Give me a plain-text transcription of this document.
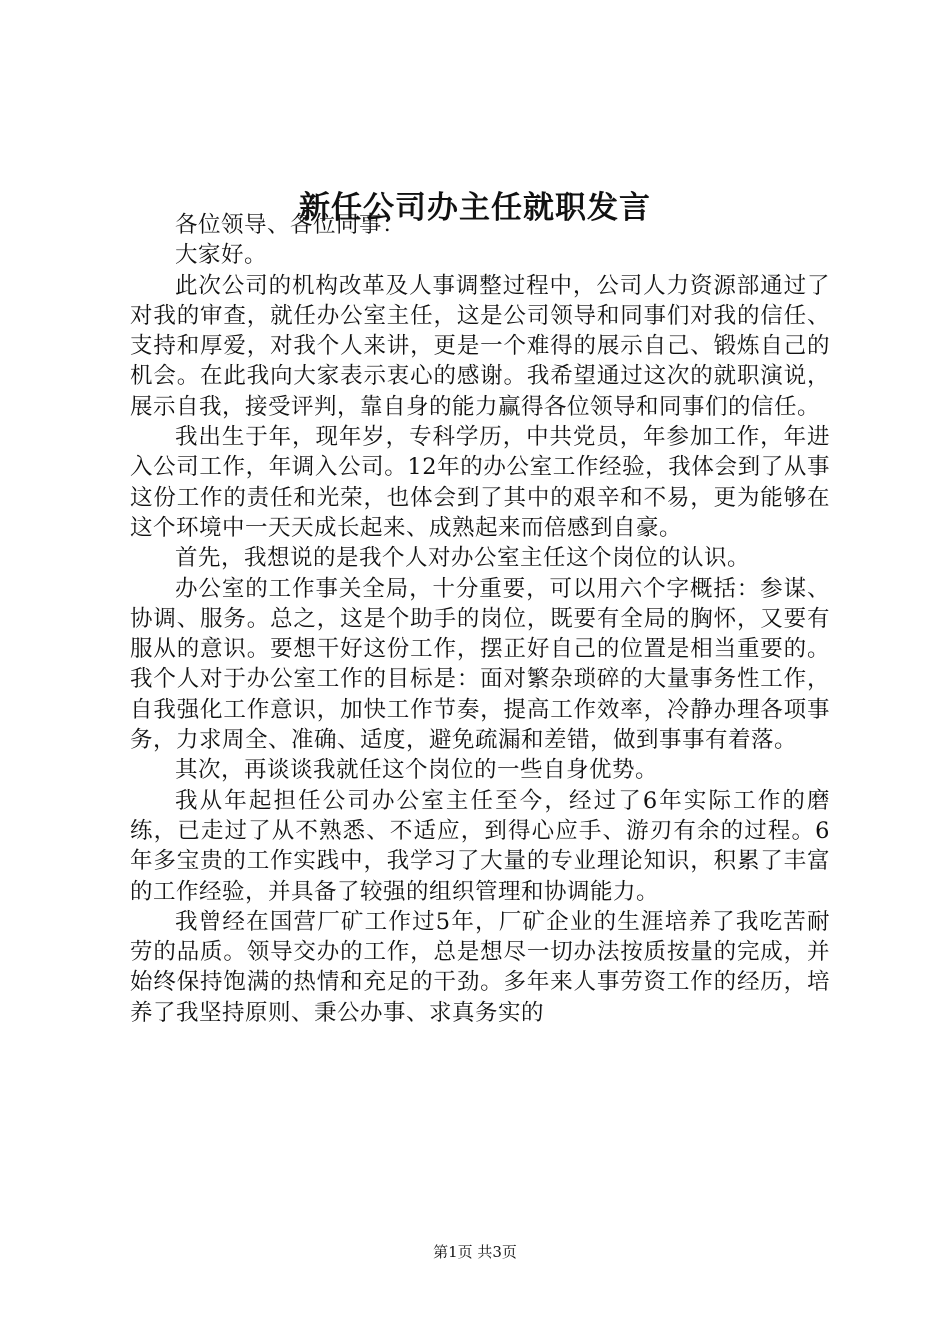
新任公司办主任就职发言

各位领导、各位同事：

大家好。

此次公司的机构改革及人事调整过程中，公司人力资源部通过了对我的审查，就任办公室主任，这是公司领导和同事们对我的信任、支持和厚爱，对我个人来讲，更是一个难得的展示自己、锻炼自己的机会。在此我向大家表示衷心的感谢。我希望通过这次的就职演说，展示自我，接受评判，靠自身的能力赢得各位领导和同事们的信任。

我出生于年，现年岁，专科学历，中共党员，年参加工作，年进入公司工作，年调入公司。12年的办公室工作经验，我体会到了从事这份工作的责任和光荣，也体会到了其中的艰辛和不易，更为能够在这个环境中一天天成长起来、成熟起来而倍感到自豪。

首先，我想说的是我个人对办公室主任这个岗位的认识。

办公室的工作事关全局，十分重要，可以用六个字概括：参谋、协调、服务。总之，这是个助手的岗位，既要有全局的胸怀，又要有服从的意识。要想干好这份工作，摆正好自己的位置是相当重要的。我个人对于办公室工作的目标是：面对繁杂琐碎的大量事务性工作，自我强化工作意识，加快工作节奏，提高工作效率，冷静办理各项事务，力求周全、准确、适度，避免疏漏和差错，做到事事有着落。

其次，再谈谈我就任这个岗位的一些自身优势。

我从年起担任公司办公室主任至今，经过了6年实际工作的磨练，已走过了从不熟悉、不适应，到得心应手、游刃有余的过程。6年多宝贵的工作实践中，我学习了大量的专业理论知识，积累了丰富的工作经验，并具备了较强的组织管理和协调能力。

我曾经在国营厂矿工作过5年，厂矿企业的生涯培养了我吃苦耐劳的品质。领导交办的工作，总是想尽一切办法按质按量的完成，并始终保持饱满的热情和充足的干劲。多年来人事劳资工作的经历，培养了我坚持原则、秉公办事、求真务实的

第1页 共3页
